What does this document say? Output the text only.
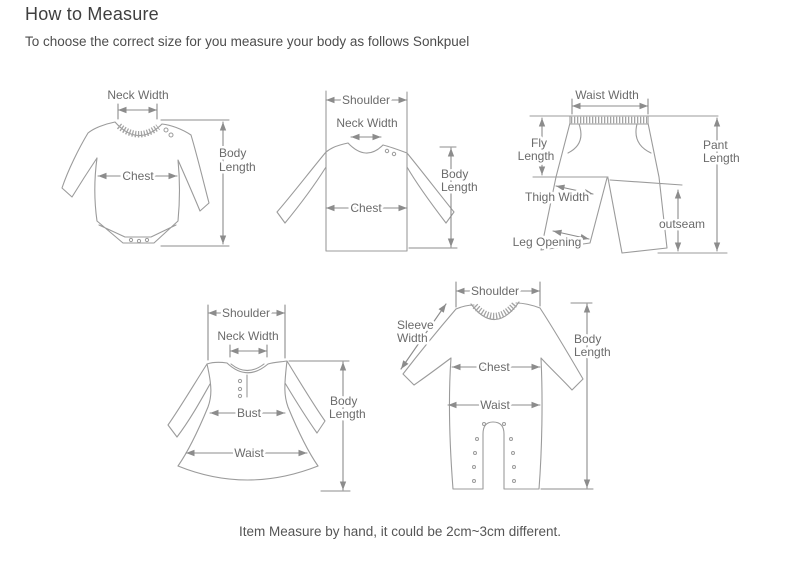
How to Measure

To choose the correct size for you measure your body as follows Sonkpuel

Neck Width
Chest
Body
Length
Shoulder
Neck Width
Chest
Body
Length
Waist Width
Fly
Length
Pant
Length
Thigh Width
outseam
Leg Opening
Shoulder
Neck Width
Bust
Waist
Body
Length
Shoulder
Sleeve
Width
Chest
Waist
Body
Length

Item Measure by hand, it could be 2cm~3cm different.
